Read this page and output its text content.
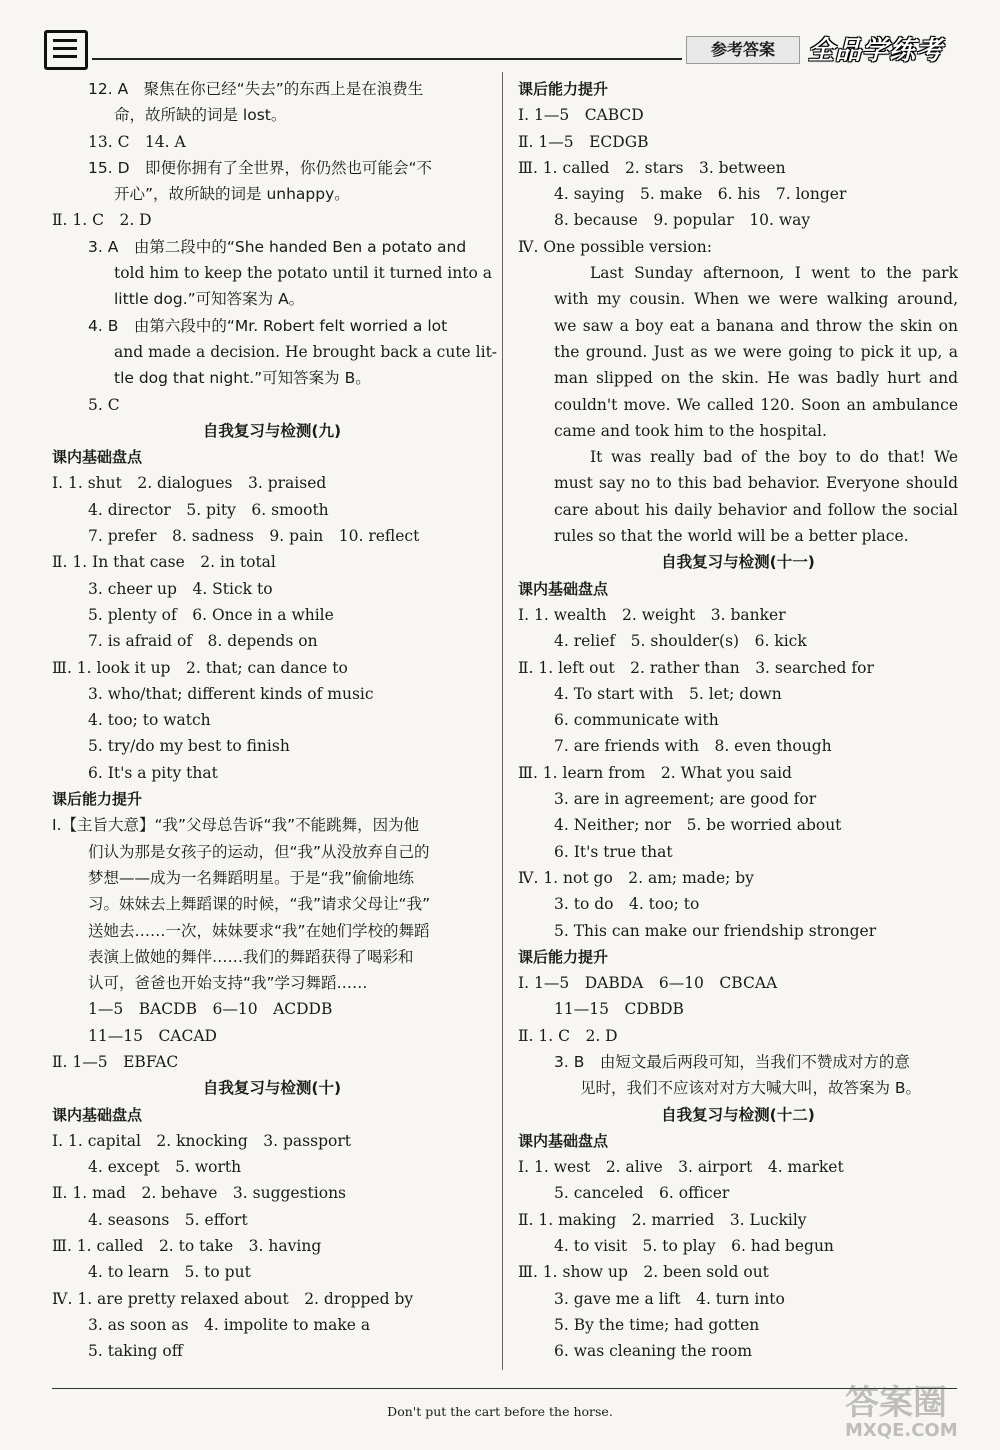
参考答案	全品学练考
12. A　聚焦在你已经“失去”的东西上是在浪费生
命，故所缺的词是 lost。
13. C　14. A
15. D　即便你拥有了全世界，你仍然也可能会“不
开心”，故所缺的词是 unhappy。
Ⅱ. 1. C　2. D
3. A　由第二段中的“She handed Ben a potato and
told him to keep the potato until it turned into a
little dog.”可知答案为 A。
4. B　由第六段中的“Mr. Robert felt worried a lot
and made a decision. He brought back a cute lit-
tle dog that night.”可知答案为 B。
5. C
自我复习与检测(九)
课内基础盘点
Ⅰ. 1. shut　2. dialogues　3. praised
4. director　5. pity　6. smooth
7. prefer　8. sadness　9. pain　10. reflect
Ⅱ. 1. In that case　2. in total
3. cheer up　4. Stick to
5. plenty of　6. Once in a while
7. is afraid of　8. depends on
Ⅲ. 1. look it up　2. that; can dance to
3. who/that; different kinds of music
4. too; to watch
5. try/do my best to finish
6. It's a pity that
课后能力提升
Ⅰ.【主旨大意】“我”父母总告诉“我”不能跳舞，因为他
们认为那是女孩子的运动，但“我”从没放弃自己的
梦想——成为一名舞蹈明星。于是“我”偷偷地练
习。妹妹去上舞蹈课的时候，“我”请求父母让“我”
送她去……一次，妹妹要求“我”在她们学校的舞蹈
表演上做她的舞伴……我们的舞蹈获得了喝彩和
认可，爸爸也开始支持“我”学习舞蹈……
1—5　BACDB　6—10　ACDDB
11—15　CACAD
Ⅱ. 1—5　EBFAC
自我复习与检测(十)
课内基础盘点
Ⅰ. 1. capital　2. knocking　3. passport
4. except　5. worth
Ⅱ. 1. mad　2. behave　3. suggestions
4. seasons　5. effort
Ⅲ. 1. called　2. to take　3. having
4. to learn　5. to put
Ⅳ. 1. are pretty relaxed about　2. dropped by
3. as soon as　4. impolite to make a
5. taking off
课后能力提升
Ⅰ. 1—5　CABCD
Ⅱ. 1—5　ECDGB
Ⅲ. 1. called　2. stars　3. between
4. saying　5. make　6. his　7. longer
8. because　9. popular　10. way
Ⅳ. One possible version:
Last Sunday afternoon, I went to the park with my cousin. When we were walking around, we saw a boy eat a banana and throw the skin on the ground. Just as we were going to pick it up, a man slipped on the skin. He was badly hurt and couldn't move. We called 120. Soon an ambulance came and took him to the hospital.
It was really bad of the boy to do that! We must say no to this bad behavior. Everyone should care about his daily behavior and follow the social rules so that the world will be a better place.
自我复习与检测(十一)
课内基础盘点
Ⅰ. 1. wealth　2. weight　3. banker
4. relief　5. shoulder(s)　6. kick
Ⅱ. 1. left out　2. rather than　3. searched for
4. To start with　5. let; down
6. communicate with
7. are friends with　8. even though
Ⅲ. 1. learn from　2. What you said
3. are in agreement; are good for
4. Neither; nor　5. be worried about
6. It's true that
Ⅳ. 1. not go　2. am; made; by
3. to do　4. too; to
5. This can make our friendship stronger
课后能力提升
Ⅰ. 1—5　DABDA　6—10　CBCAA
11—15　CDBDB
Ⅱ. 1. C　2. D
3. B　由短文最后两段可知，当我们不赞成对方的意
见时，我们不应该对对方大喊大叫，故答案为 B。
自我复习与检测(十二)
课内基础盘点
Ⅰ. 1. west　2. alive　3. airport　4. market
5. canceled　6. officer
Ⅱ. 1. making　2. married　3. Luckily
4. to visit　5. to play　6. had begun
Ⅲ. 1. show up　2. been sold out
3. gave me a lift　4. turn into
5. By the time; had gotten
6. was cleaning the room
Don't put the cart before the horse.	答案圈
MXQE.COM
